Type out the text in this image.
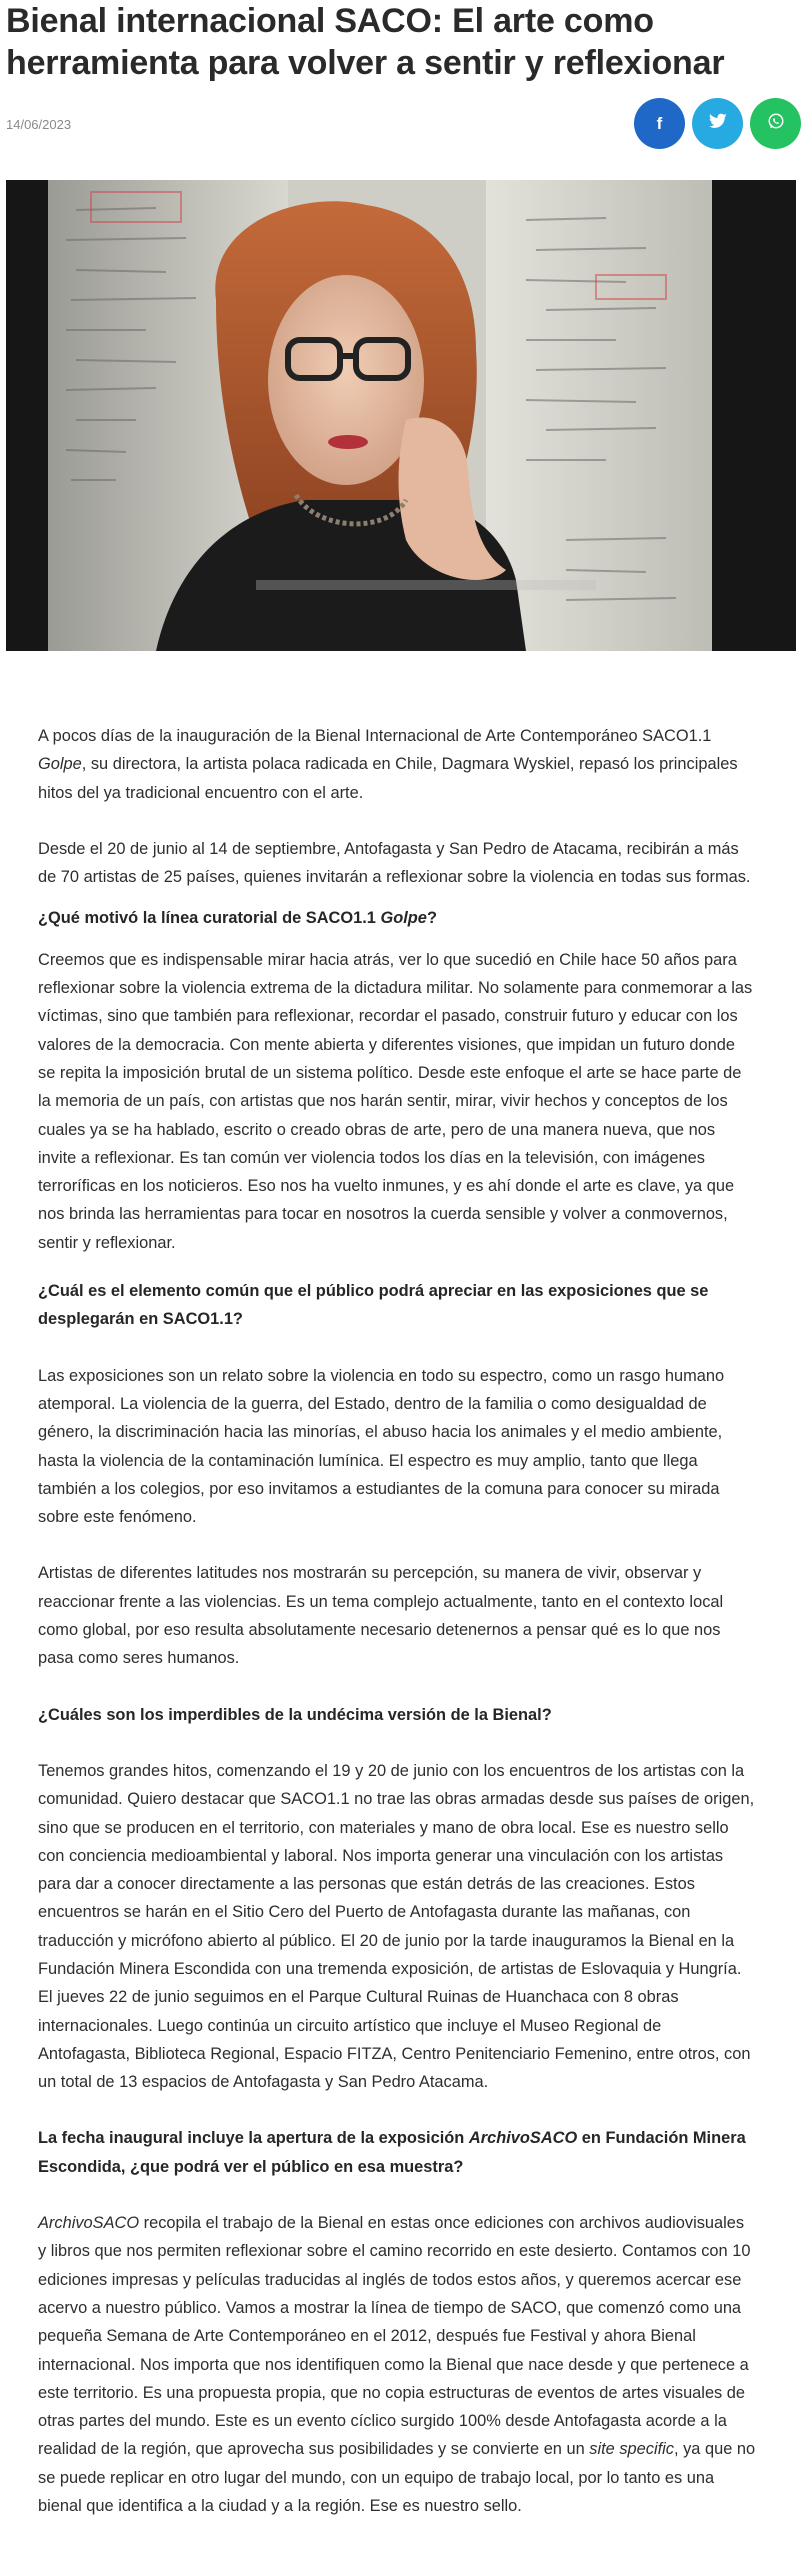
Bienal internacional SACO: El arte como herramienta para volver a sentir y reflexionar
14/06/2023	f

A pocos días de la inauguración de la Bienal Internacional de Arte Contemporáneo SACO1.1 Golpe, su directora, la artista polaca radicada en Chile, Dagmara Wyskiel, repasó los principales hitos del ya tradicional encuentro con el arte.

Desde el 20 de junio al 14 de septiembre, Antofagasta y San Pedro de Atacama, recibirán a más de 70 artistas de 25 países, quienes invitarán a reflexionar sobre la violencia en todas sus formas.

¿Qué motivó la línea curatorial de SACO1.1 Golpe?

Creemos que es indispensable mirar hacia atrás, ver lo que sucedió en Chile hace 50 años para reflexionar sobre la violencia extrema de la dictadura militar. No solamente para conmemorar a las víctimas, sino que también para reflexionar, recordar el pasado, construir futuro y educar con los valores de la democracia. Con mente abierta y diferentes visiones, que impidan un futuro donde se repita la imposición brutal de un sistema político. Desde este enfoque el arte se hace parte de la memoria de un país, con artistas que nos harán sentir, mirar, vivir hechos y conceptos de los cuales ya se ha hablado, escrito o creado obras de arte, pero de una manera nueva, que nos invite a reflexionar. Es tan común ver violencia todos los días en la televisión, con imágenes terroríficas en los noticieros. Eso nos ha vuelto inmunes, y es ahí donde el arte es clave, ya que nos brinda las herramientas para tocar en nosotros la cuerda sensible y volver a conmovernos, sentir y reflexionar.

¿Cuál es el elemento común que el público podrá apreciar en las exposiciones que se desplegarán en SACO1.1?

Las exposiciones son un relato sobre la violencia en todo su espectro, como un rasgo humano atemporal. La violencia de la guerra, del Estado, dentro de la familia o como desigualdad de género, la discriminación hacia las minorías, el abuso hacia los animales y el medio ambiente, hasta la violencia de la contaminación lumínica. El espectro es muy amplio, tanto que llega también a los colegios, por eso invitamos a estudiantes de la comuna para conocer su mirada sobre este fenómeno.

Artistas de diferentes latitudes nos mostrarán su percepción, su manera de vivir, observar y reaccionar frente a las violencias. Es un tema complejo actualmente, tanto en el contexto local como global, por eso resulta absolutamente necesario detenernos a pensar qué es lo que nos pasa como seres humanos.

¿Cuáles son los imperdibles de la undécima versión de la Bienal?

Tenemos grandes hitos, comenzando el 19 y 20 de junio con los encuentros de los artistas con la comunidad. Quiero destacar que SACO1.1 no trae las obras armadas desde sus países de origen, sino que se producen en el territorio, con materiales y mano de obra local. Ese es nuestro sello con conciencia medioambiental y laboral. Nos importa generar una vinculación con los artistas para dar a conocer directamente a las personas que están detrás de las creaciones. Estos encuentros se harán en el Sitio Cero del Puerto de Antofagasta durante las mañanas, con traducción y micrófono abierto al público. El 20 de junio por la tarde inauguramos la Bienal en la Fundación Minera Escondida con una tremenda exposición, de artistas de Eslovaquia y Hungría. El jueves 22 de junio seguimos en el Parque Cultural Ruinas de Huanchaca con 8 obras internacionales. Luego continúa un circuito artístico que incluye el Museo Regional de Antofagasta, Biblioteca Regional, Espacio FITZA, Centro Penitenciario Femenino, entre otros, con un total de 13 espacios de Antofagasta y San Pedro Atacama.

La fecha inaugural incluye la apertura de la exposición ArchivoSACO en Fundación Minera Escondida, ¿que podrá ver el público en esa muestra?

ArchivoSACO recopila el trabajo de la Bienal en estas once ediciones con archivos audiovisuales y libros que nos permiten reflexionar sobre el camino recorrido en este desierto. Contamos con 10 ediciones impresas y películas traducidas al inglés de todos estos años, y queremos acercar ese acervo a nuestro público. Vamos a mostrar la línea de tiempo de SACO, que comenzó como una pequeña Semana de Arte Contemporáneo en el 2012, después fue Festival y ahora Bienal internacional. Nos importa que nos identifiquen como la Bienal que nace desde y que pertenece a este territorio. Es una propuesta propia, que no copia estructuras de eventos de artes visuales de otras partes del mundo. Este es un evento cíclico surgido 100% desde Antofagasta acorde a la realidad de la región, que aprovecha sus posibilidades y se convierte en un site specific, ya que no se puede replicar en otro lugar del mundo, con un equipo de trabajo local, por lo tanto es una bienal que identifica a la ciudad y a la región. Ese es nuestro sello.
